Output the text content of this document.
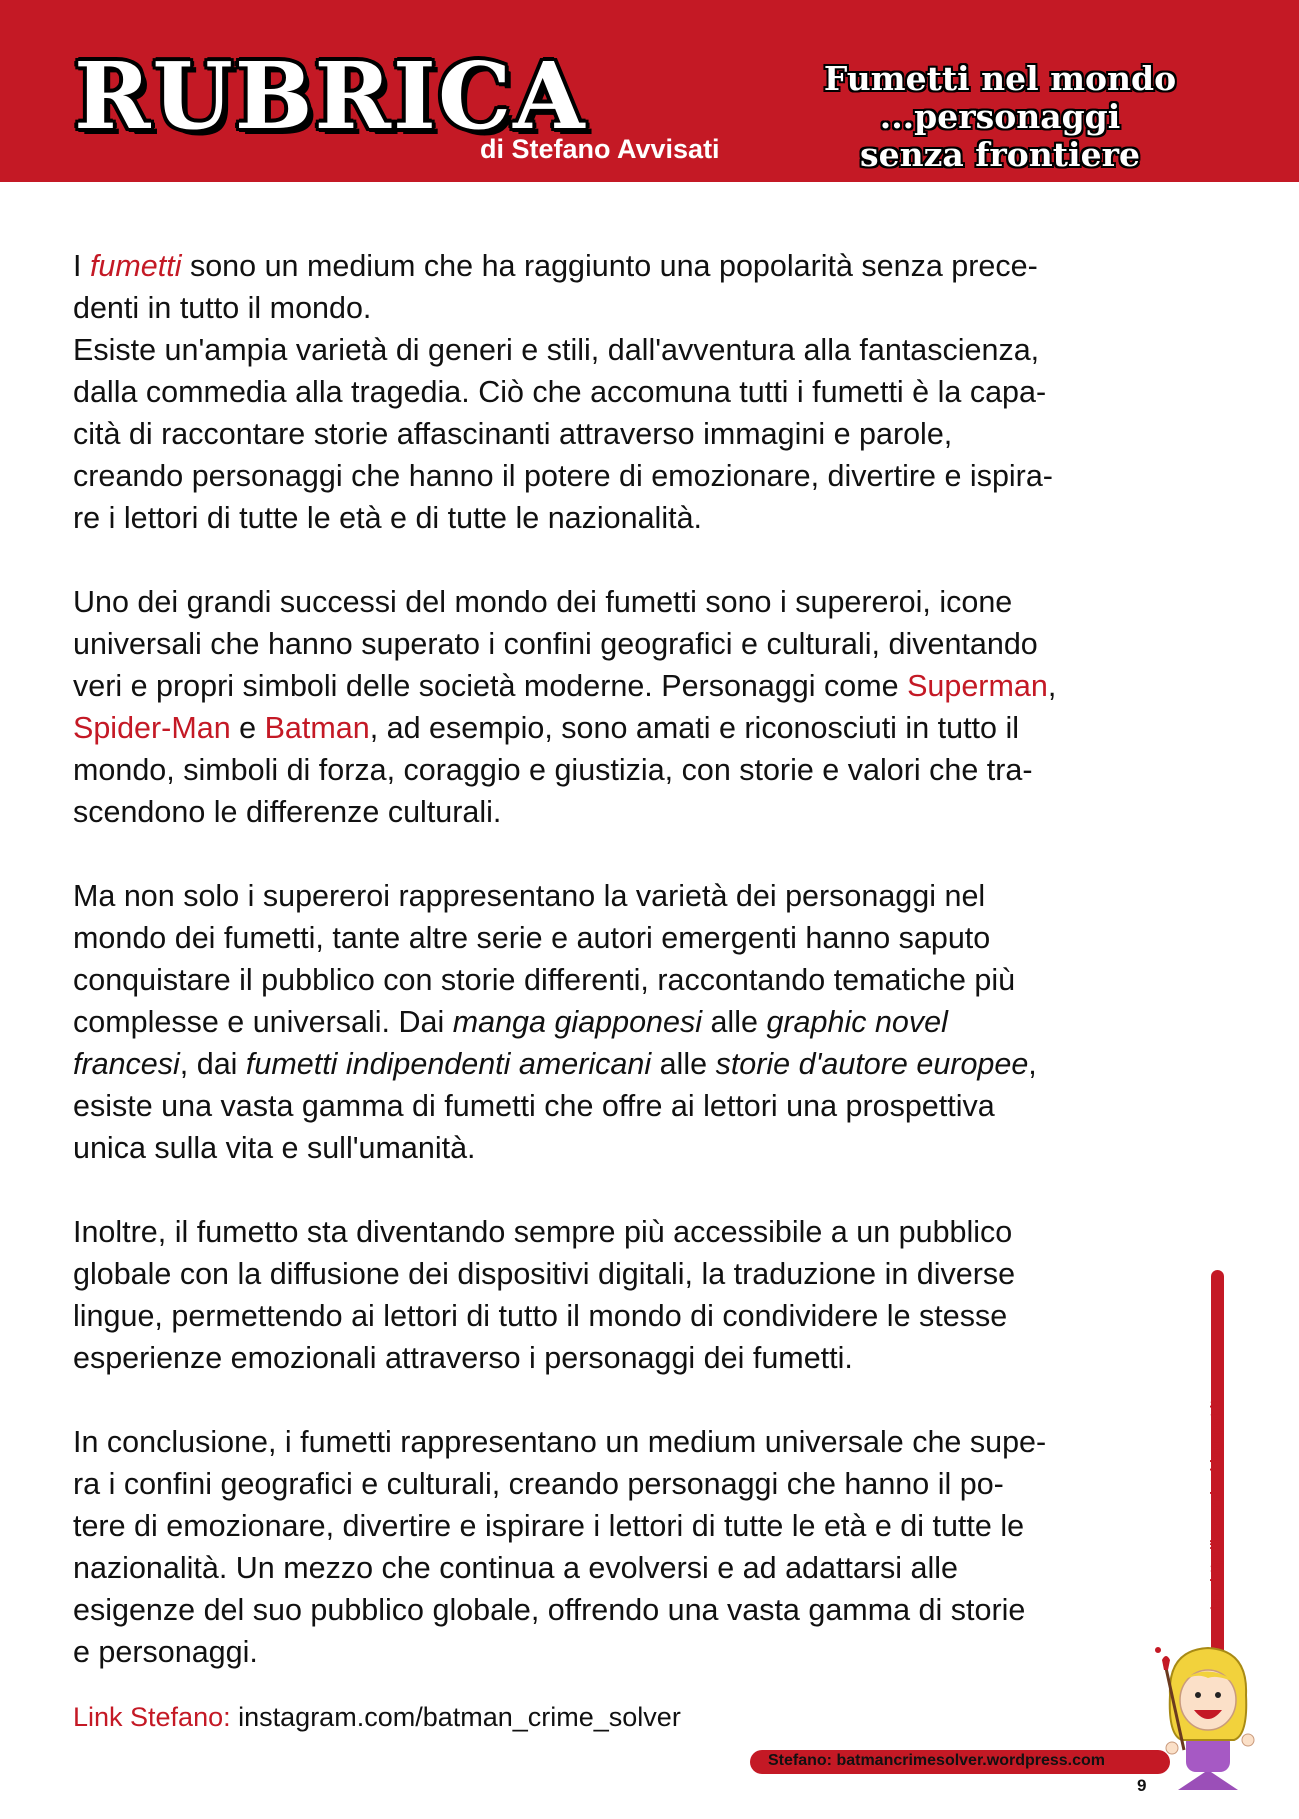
RUBRICA
di Stefano Avvisati
Fumetti nel mondo
...personaggi
senza frontiere

I fumetti sono un medium che ha raggiunto una popolarità senza prece-
denti in tutto il mondo.
Esiste un'ampia varietà di generi e stili, dall'avventura alla fantascienza,
dalla commedia alla tragedia. Ciò che accomuna tutti i fumetti è la capa-
cità di raccontare storie affascinanti attraverso immagini e parole,
creando personaggi che hanno il potere di emozionare, divertire e ispira-
re i lettori di tutte le età e di tutte le nazionalità.

Uno dei grandi successi del mondo dei fumetti sono i supereroi, icone
universali che hanno superato i confini geografici e culturali, diventando
veri e propri simboli delle società moderne. Personaggi come Superman,
Spider-Man e Batman, ad esempio, sono amati e riconosciuti in tutto il
mondo, simboli di forza, coraggio e giustizia, con storie e valori che tra-
scendono le differenze culturali.

Ma non solo i supereroi rappresentano la varietà dei personaggi nel
mondo dei fumetti, tante altre serie e autori emergenti hanno saputo
conquistare il pubblico con storie differenti, raccontando tematiche più
complesse e universali. Dai manga giapponesi alle graphic novel
francesi, dai fumetti indipendenti americani alle storie d'autore europee,
esiste una vasta gamma di fumetti che offre ai lettori una prospettiva
unica sulla vita e sull'umanità.

Inoltre, il fumetto sta diventando sempre più accessibile a un pubblico
globale con la diffusione dei dispositivi digitali, la traduzione in diverse
lingue, permettendo ai lettori di tutto il mondo di condividere le stesse
esperienze emozionali attraverso i personaggi dei fumetti.

In conclusione, i fumetti rappresentano un medium universale che supe-
ra i confini geografici e culturali, creando personaggi che hanno il po-
tere di emozionare, divertire e ispirare i lettori di tutte le età e di tutte le
nazionalità. Un mezzo che continua a evolversi e ad adattarsi alle
esigenze del suo pubblico globale, offrendo una vasta gamma di storie
e personaggi.

Link Stefano: instagram.com/batman_crime_solver
Isa: http://isacomics.blogspot.it
Stefano: batmancrimesolver.wordpress.com
9
